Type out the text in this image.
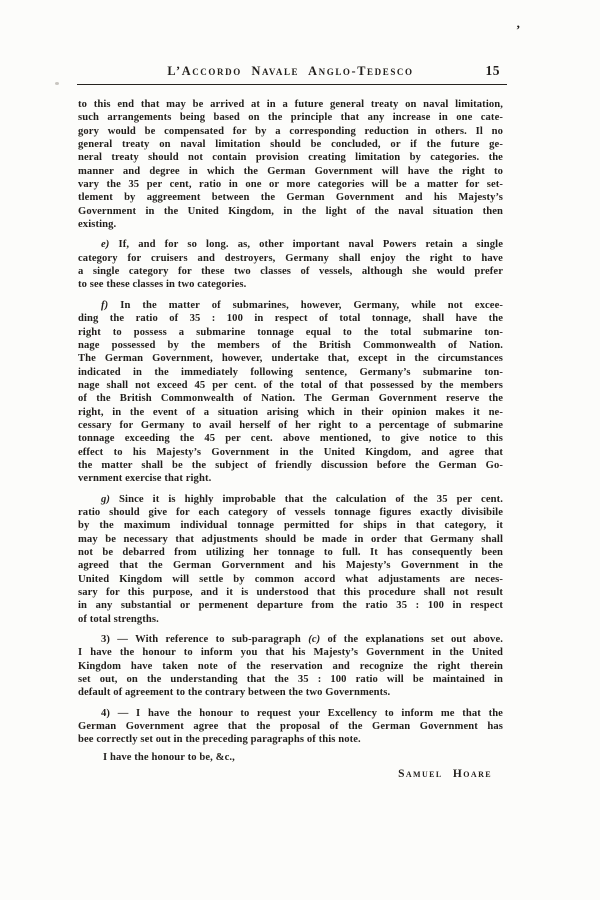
L’Accordo Navale Anglo-Tedesco	15
’
to this end that may be arrived at in a future general treaty on naval limitation,
such arrangements being based on the principle that any increase in one cate-
gory would be compensated for by a corresponding reduction in others. Il no
general treaty on naval limitation should be concluded, or if the future ge-
neral treaty should not contain provision creating limitation by categories. the
manner and degree in which the German Government will have the right to
vary the 35 per cent, ratio in one or more categories will be a matter for set-
tlement by aggreement between the German Government and his Majesty’s
Government in the United Kingdom, in the light of the naval situation then
existing.
e) If, and for so long. as, other important naval Powers retain a single
category for cruisers and destroyers, Germany shall enjoy the right to have
a single category for these two classes of vessels, although she would prefer
to see these classes in two categories.
f) In the matter of submarines, however, Germany, while not excee-
ding the ratio of 35 : 100 in respect of total tonnage, shall have the
right to possess a submarine tonnage equal to the total submarine ton-
nage possessed by the members of the British Commonwealth of Nation.
The German Government, however, undertake that, except in the circumstances
indicated in the immediately following sentence, Germany’s submarine ton-
nage shall not exceed 45 per cent. of the total of that possessed by the members
of the British Commonwealth of Nation. The German Government reserve the
right, in the event of a situation arising which in their opinion makes it ne-
cessary for Germany to avail herself of her right to a percentage of submarine
tonnage exceeding the 45 per cent. above mentioned, to give notice to this
effect to his Majesty’s Government in the United Kingdom, and agree that
the matter shall be the subject of friendly discussion before the German Go-
vernment exercise that right.
g) Since it is highly improbable that the calculation of the 35 per cent.
ratio should give for each category of vessels tonnage figures exactly divisibile
by the maximum individual tonnage permitted for ships in that category, it
may be necessary that adjustments should be made in order that Germany shall
not be debarred from utilizing her tonnage to full. It has consequently been
agreed that the German Gorvernment and his Majesty’s Government in the
United Kingdom will settle by common accord what adjustaments are neces-
sary for this purpose, and it is understood that this procedure shall not result
in any substantial or permenent departure from the ratio 35 : 100 in respect
of total strengths.
3) — With reference to sub-paragraph (c) of the explanations set out above.
I have the honour to inform you that his Majesty’s Government in the United
Kingdom have taken note of the reservation and recognize the right therein
set out, on the understanding that the 35 : 100 ratio will be maintained in
default of agreement to the contrary between the two Governments.
4) — I have the honour to request your Excellency to inform me that the
German Government agree that the proposal of the German Government has
bee correctly set out in the preceding paragraphs of this note.
I have the honour to be, &c.,
Samuel Hoare
